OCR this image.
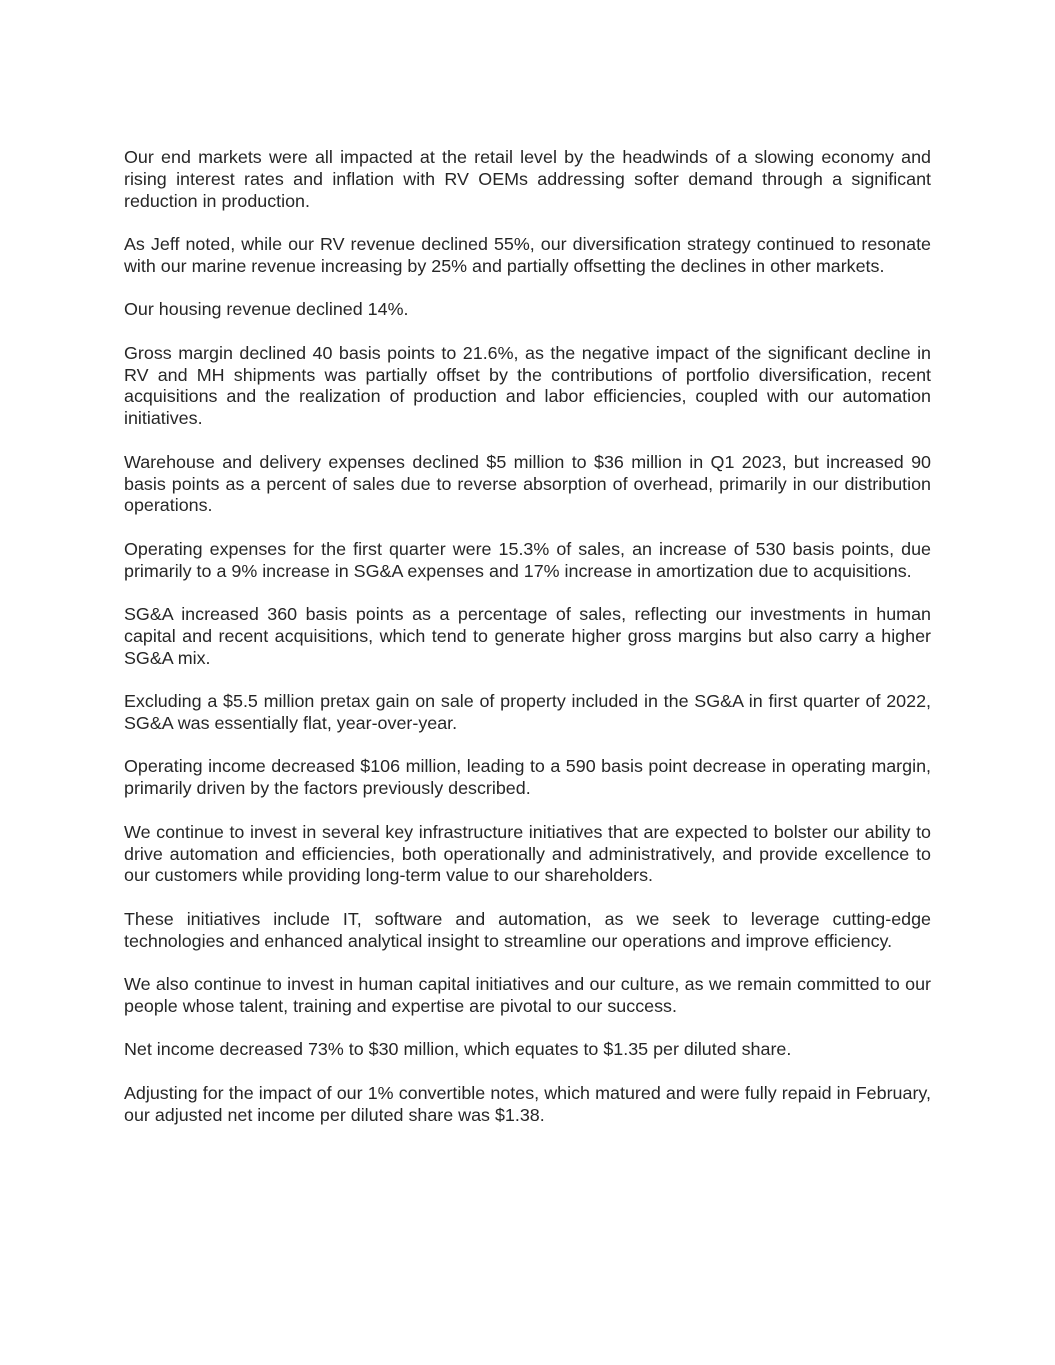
Our end markets were all impacted at the retail level by the headwinds of a slowing economy and rising interest rates and inflation with RV OEMs addressing softer demand through a significant reduction in production.

As Jeff noted, while our RV revenue declined 55%, our diversification strategy continued to resonate with our marine revenue increasing by 25% and partially offsetting the declines in other markets.

Our housing revenue declined 14%.

Gross margin declined 40 basis points to 21.6%, as the negative impact of the significant decline in RV and MH shipments was partially offset by the contributions of portfolio diversification, recent acquisitions and the realization of production and labor efficiencies, coupled with our automation initiatives.

Warehouse and delivery expenses declined $5 million to $36 million in Q1 2023, but increased 90 basis points as a percent of sales due to reverse absorption of overhead, primarily in our distribution operations.

Operating expenses for the first quarter were 15.3% of sales, an increase of 530 basis points, due primarily to a 9% increase in SG&A expenses and 17% increase in amortization due to acquisitions.

SG&A increased 360 basis points as a percentage of sales, reflecting our investments in human capital and recent acquisitions, which tend to generate higher gross margins but also carry a higher SG&A mix.

Excluding a $5.5 million pretax gain on sale of property included in the SG&A in first quarter of 2022, SG&A was essentially flat, year-over-year.

Operating income decreased $106 million, leading to a 590 basis point decrease in operating margin, primarily driven by the factors previously described.

We continue to invest in several key infrastructure initiatives that are expected to bolster our ability to drive automation and efficiencies, both operationally and administratively, and provide excellence to our customers while providing long-term value to our shareholders.

These initiatives include IT, software and automation, as we seek to leverage cutting-edge technologies and enhanced analytical insight to streamline our operations and improve efficiency.

We also continue to invest in human capital initiatives and our culture, as we remain committed to our people whose talent, training and expertise are pivotal to our success.

Net income decreased 73% to $30 million, which equates to $1.35 per diluted share.

Adjusting for the impact of our 1% convertible notes, which matured and were fully repaid in February, our adjusted net income per diluted share was $1.38.
